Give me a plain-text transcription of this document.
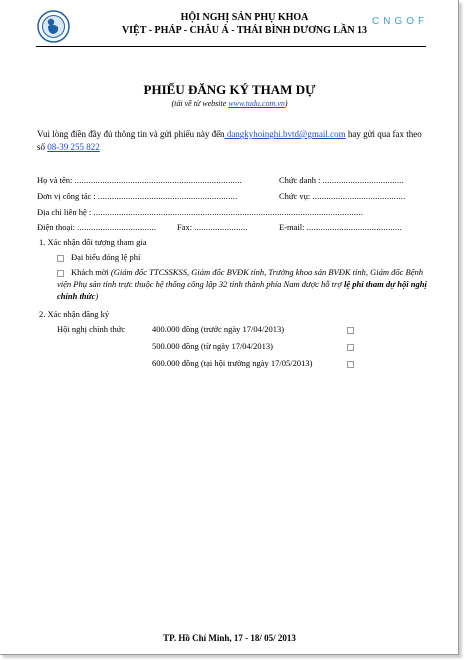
CNGOF
HỘI NGHỊ SẢN PHỤ KHOA
VIỆT - PHÁP - CHÂU Á - THÁI BÌNH DƯƠNG LẦN 13
PHIẾU ĐĂNG KÝ THAM DỰ
(tải về từ website www.tudu.com.vn)
Vui lòng điền đầy đủ thông tin và gửi phiếu này đến dangkyhoinghi.bvtd@gmail.com hay gửi qua fax theo số 08-39 255 822
Họ và tên: ........................................................................	Chức danh : ...................................
Đơn vị công tác : ............................................................	Chức vụ: ........................................
Địa chỉ liên hệ : ....................................................................................................................
Điện thoại: .................................. Fax: .......................	E-mail: .........................................
1. Xác nhận đối tượng tham gia
Đại biểu đóng lệ phí
Khách mời (Giám đốc TTCSSKSS, Giám đốc BVĐK tỉnh, Trưởng khoa sản BVĐK tỉnh, Giám đốc Bệnh viện Phụ sản tỉnh trực thuộc hệ thống công lập 32 tỉnh thành phía Nam được hỗ trợ lệ phí tham dự hội nghị chính thức)
2. Xác nhận đăng ký
Hội nghị chính thức	400.000 đồng (trước ngày 17/04/2013)
500.000 đồng (từ ngày 17/04/2013)
600.000 đồng (tại hội trường ngày 17/05/2013)
TP. Hồ Chí Minh, 17 - 18/ 05/ 2013
